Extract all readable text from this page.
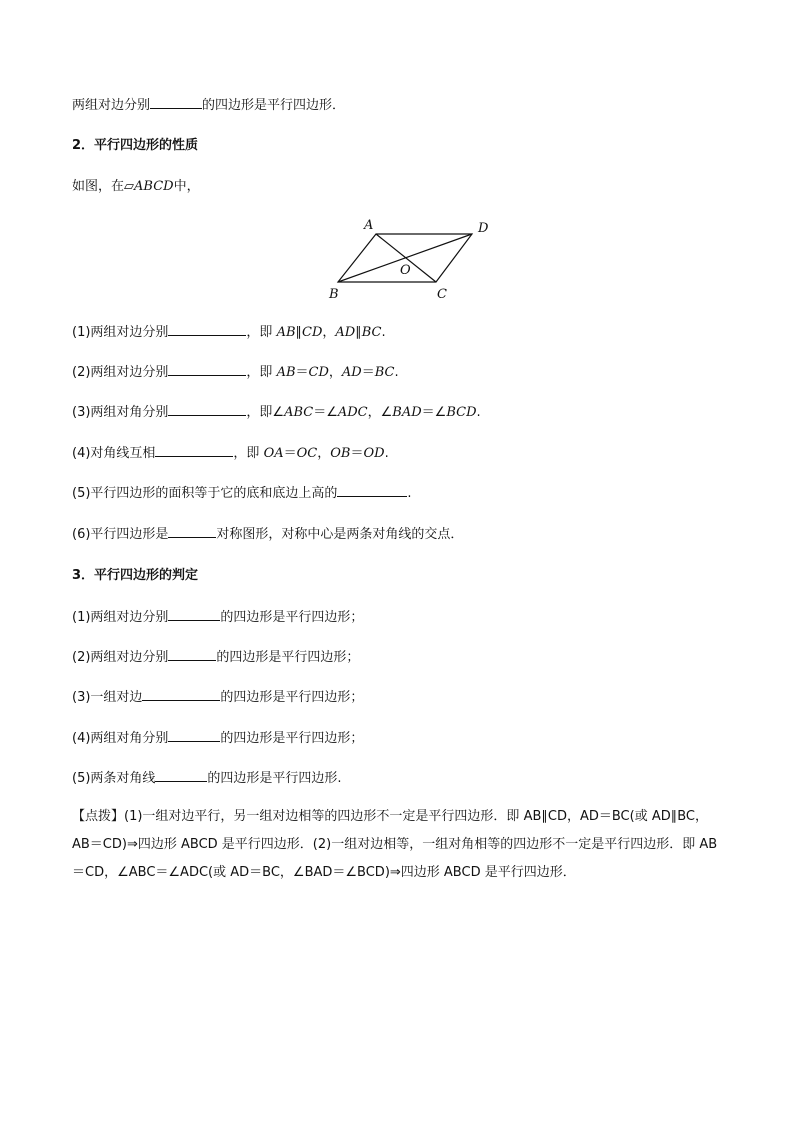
两组对边分别	的四边形是平行四边形．
2．平行四边形的性质
如图，在▱ABCD中，
A	D
B	C
O
(1)两组对边分别	，即 AB∥CD，AD∥BC.
(2)两组对边分别	，即 AB＝CD，AD＝BC.
(3)两组对角分别	，即∠ABC＝∠ADC，∠BAD＝∠BCD.
(4)对角线互相	，即 OA＝OC，OB＝OD.
(5)平行四边形的面积等于它的底和底边上高的	.
(6)平行四边形是	对称图形，对称中心是两条对角线的交点．
3．平行四边形的判定
(1)两组对边分别	的四边形是平行四边形；
(2)两组对边分别	的四边形是平行四边形；
(3)一组对边	的四边形是平行四边形；
(4)两组对角分别	的四边形是平行四边形；
(5)两条对角线	的四边形是平行四边形.
【点拨】(1)一组对边平行，另一组对边相等的四边形不一定是平行四边形．即 AB∥CD，AD＝BC(或 AD∥BC，AB＝CD)⇒四边形 ABCD 是平行四边形．(2)一组对边相等，一组对角相等的四边形不一定是平行四边形．即 AB＝CD，∠ABC＝∠ADC(或 AD＝BC，∠BAD＝∠BCD)⇒四边形 ABCD 是平行四边形．
